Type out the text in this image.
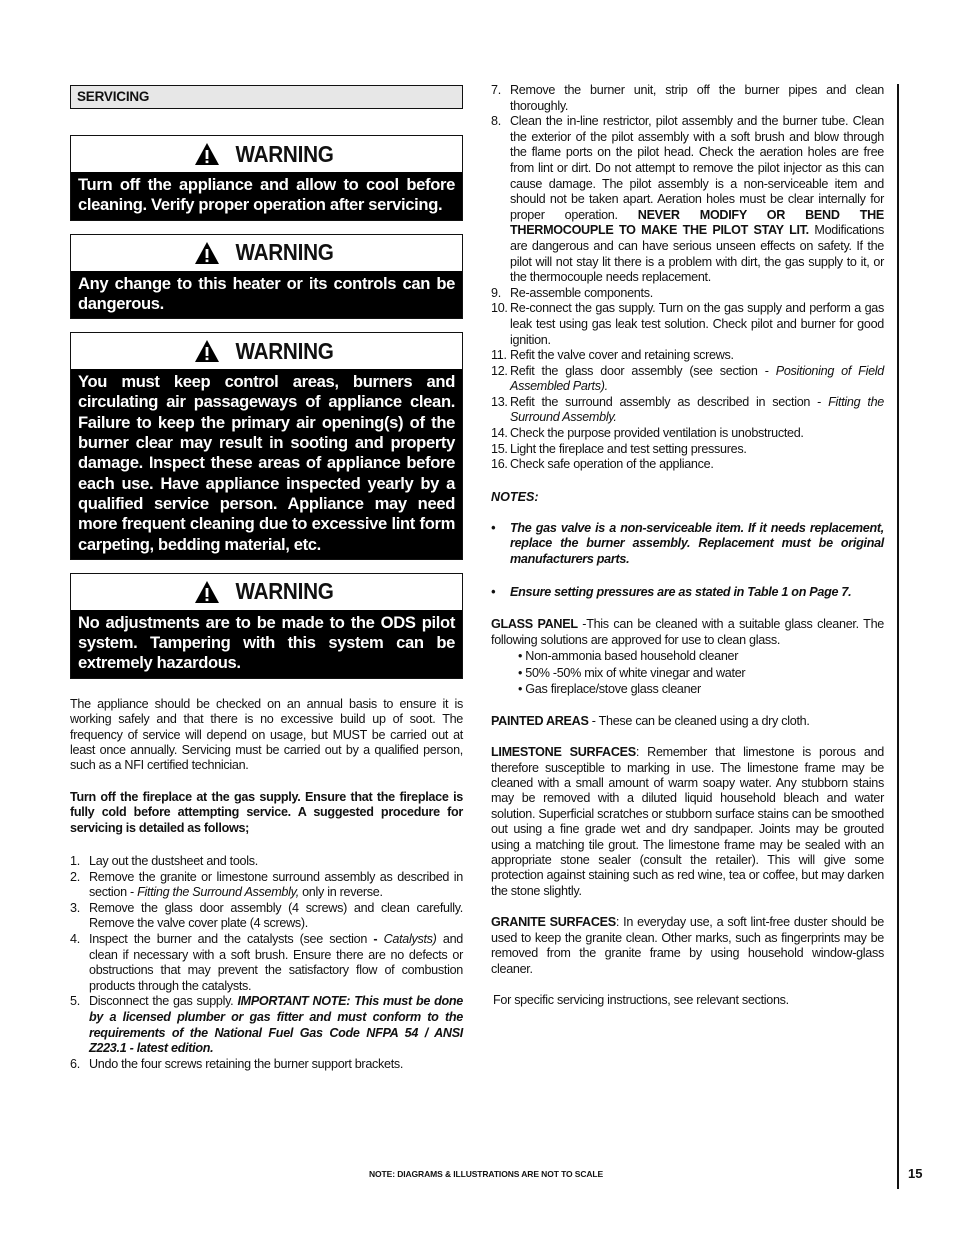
SERVICING
WARNING
Turn off the appliance and allow to cool before cleaning. Verify proper operation after servicing.
WARNING
Any change to this heater or its controls can be dangerous.
WARNING
You must keep control areas, burners and circulating air passageways of appliance clean. Failure to keep the primary air opening(s) of the burner clear may result in sooting and property damage. Inspect these areas of appliance before each use. Have appliance inspected yearly by a qualified service person. Appliance may need more frequent cleaning due to excessive lint form carpeting, bedding material, etc.
WARNING
No adjustments are to be made to the ODS pilot system. Tampering with this system can be extremely hazardous.

The appliance should be checked on an annual basis to ensure it is working safely and that there is no excessive build up of soot. The frequency of service will depend on usage, but MUST be carried out at least once annually. Servicing must be carried out by a qualified person, such as a NFI certified technician.

Turn off the fireplace at the gas supply. Ensure that the fireplace is fully cold before attempting service. A suggested procedure for servicing is detailed as follows;

1. Lay out the dustsheet and tools.
2. Remove the granite or limestone surround assembly as described in section - Fitting the Surround Assembly, only in reverse.
3. Remove the glass door assembly (4 screws) and clean carefully. Remove the valve cover plate (4 screws).
4. Inspect the burner and the catalysts (see section - Catalysts) and clean if necessary with a soft brush. Ensure there are no defects or obstructions that may prevent the satisfactory flow of combustion products through the catalysts.
5. Disconnect the gas supply. IMPORTANT NOTE: This must be done by a licensed plumber or gas fitter and must conform to the requirements of the National Fuel Gas Code NFPA 54 / ANSI Z223.1 - latest edition.
6. Undo the four screws retaining the burner support brackets.
7. Remove the burner unit, strip off the burner pipes and clean thoroughly.
8. Clean the in-line restrictor, pilot assembly and the burner tube. Clean the exterior of the pilot assembly with a soft brush and blow through the flame ports on the pilot head. Check the aeration holes are free from lint or dirt. Do not attempt to remove the pilot injector as this can cause damage. The pilot assembly is a non-serviceable item and should not be taken apart. Aeration holes must be clear internally for proper operation. NEVER MODIFY OR BEND THE THERMOCOUPLE TO MAKE THE PILOT STAY LIT. Modifications are dangerous and can have serious unseen effects on safety. If the pilot will not stay lit there is a problem with dirt, the gas supply to it, or the thermocouple needs replacement.
9. Re-assemble components.
10. Re-connect the gas supply. Turn on the gas supply and perform a gas leak test using gas leak test solution. Check pilot and burner for good ignition.
11. Refit the valve cover and retaining screws.
12. Refit the glass door assembly (see section - Positioning of Field Assembled Parts).
13. Refit the surround assembly as described in section - Fitting the Surround Assembly.
14. Check the purpose provided ventilation is unobstructed.
15. Light the fireplace and test setting pressures.
16. Check safe operation of the appliance.
NOTES:
•	The gas valve is a non-serviceable item. If it needs replacement, replace the burner assembly. Replacement must be original manufacturers parts.
•	Ensure setting pressures are as stated in Table 1 on Page 7.

GLASS PANEL -This can be cleaned with a suitable glass cleaner. The following solutions are approved for use to clean glass.

• Non-ammonia based household cleaner
• 50% -50% mix of white vinegar and water
• Gas fireplace/stove glass cleaner

PAINTED AREAS - These can be cleaned using a dry cloth.

LIMESTONE SURFACES: Remember that limestone is porous and therefore susceptible to marking in use. The limestone frame may be cleaned with a small amount of warm soapy water. Any stubborn stains may be removed with a diluted liquid household bleach and water solution. Superficial scratches or stubborn surface stains can be smoothed out using a fine grade wet and dry sandpaper. Joints may be grouted using a matching tile grout. The limestone frame may be sealed with an appropriate stone sealer (consult the retailer). This will give some protection against staining such as red wine, tea or coffee, but may darken the stone slightly.

GRANITE SURFACES: In everyday use, a soft lint-free duster should be used to keep the granite clean. Other marks, such as fingerprints may be removed from the granite frame by using household window-glass cleaner.

For specific servicing instructions, see relevant sections.

NOTE: DIAGRAMS & ILLUSTRATIONS ARE NOT TO SCALE	15
